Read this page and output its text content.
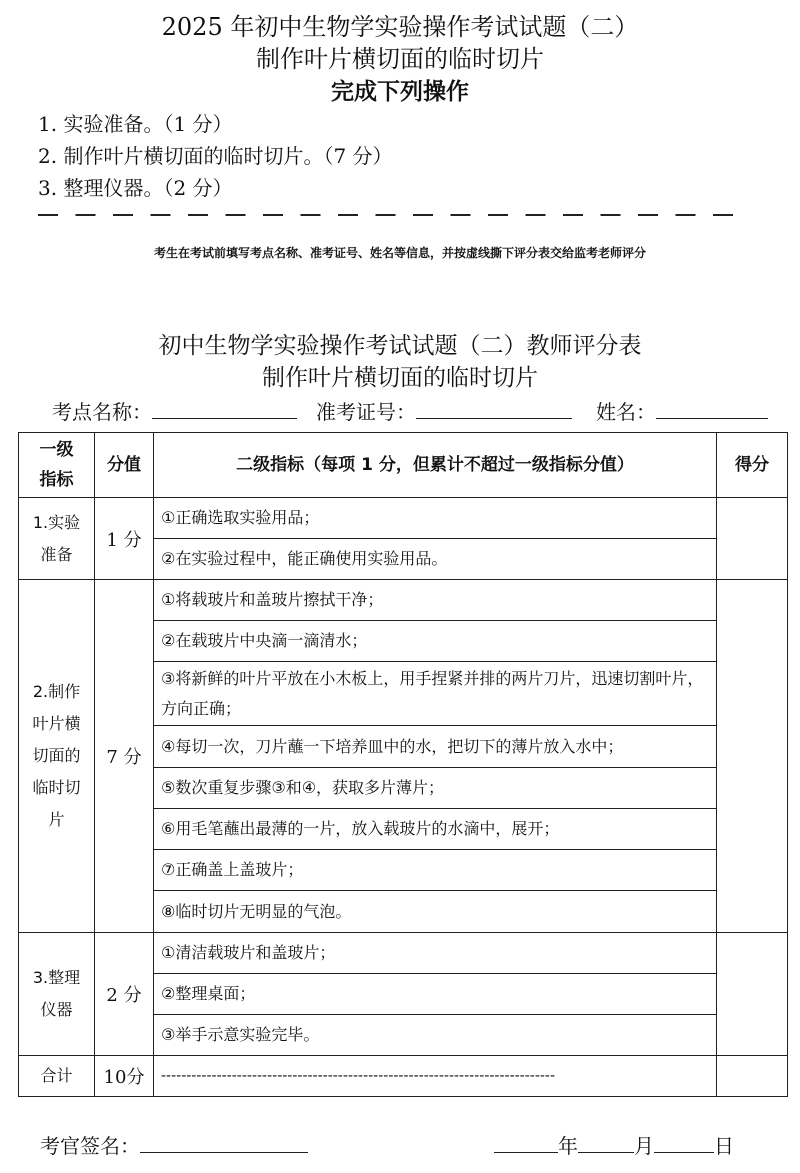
2025 年初中生物学实验操作考试试题（二）
制作叶片横切面的临时切片
完成下列操作
1. 实验准备。（1 分）
2. 制作叶片横切面的临时切片。（7 分）
3. 整理仪器。（2 分）
考生在考试前填写考点名称、准考证号、姓名等信息，并按虚线撕下评分表交给监考老师评分
初中生物学实验操作考试试题（二）教师评分表
制作叶片横切面的临时切片
考点名称：	准考证号：	姓名：
一级
指标	分值	二级指标（每项 1 分，但累计不超过一级指标分值）	得分

1.实验
准备	1 分	①正确选取实验用品；	
		②在实验过程中，能正确使用实验用品。	

2.制作
叶片横
切面的
临时切
片	7 分	①将载玻片和盖玻片擦拭干净；	
		②在载玻片中央滴一滴清水；	
		③将新鲜的叶片平放在小木板上，用手捏紧并排的两片刀片，迅速切割叶片，方向正确；	
		④每切一次，刀片蘸一下培养皿中的水，把切下的薄片放入水中；	
		⑤数次重复步骤③和④，获取多片薄片；	
		⑥用毛笔蘸出最薄的一片，放入载玻片的水滴中，展开；	
		⑦正确盖上盖玻片；	
		⑧临时切片无明显的气泡。	

3.整理
仪器	2 分	①清洁载玻片和盖玻片；	
		②整理桌面；	
		③举手示意实验完毕。	
合计	10分	------------------------------------------------------------------------------	
考官签名：	年	月	日
